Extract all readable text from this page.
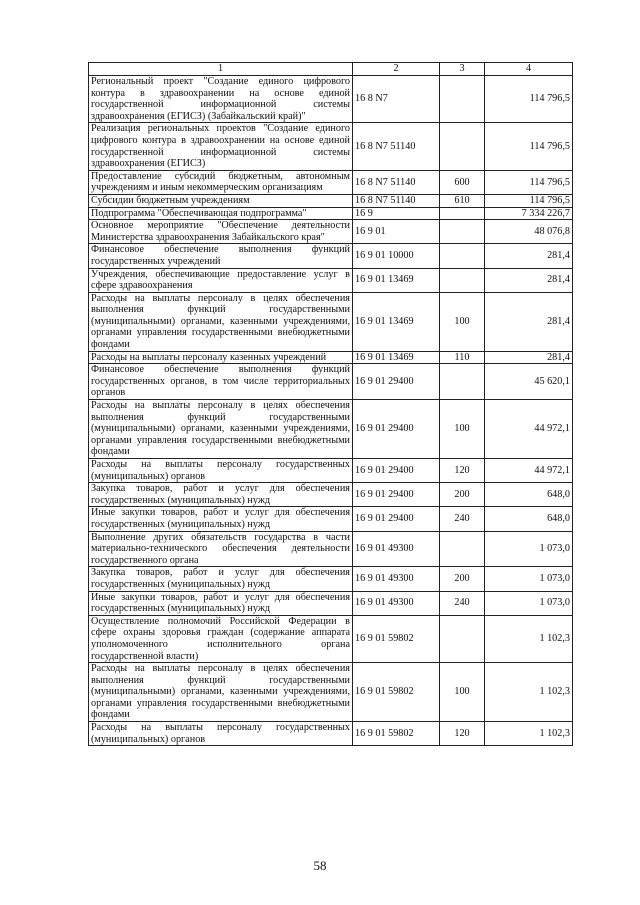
1	2	3	4
Региональный проект "Создание единого цифрового контура в здравоохранении на основе единой государственной информационной системы здравоохранения (ЕГИСЗ) (Забайкальский край)"	16 8 N7		114 796,5
Реализация региональных проектов "Создание единого цифрового контура в здравоохранении на основе единой государственной информационной системы здравоохранения (ЕГИСЗ)	16 8 N7 51140		114 796,5
Предоставление субсидий бюджетным, автономным учреждениям и иным некоммерческим организациям	16 8 N7 51140	600	114 796,5
Субсидии бюджетным учреждениям	16 8 N7 51140	610	114 796,5
Подпрограмма "Обеспечивающая подпрограмма"	16 9		7 334 226,7
Основное мероприятие "Обеспечение деятельности Министерства здравоохранения Забайкальского края"	16 9 01		48 076,8
Финансовое обеспечение выполнения функций государственных учреждений	16 9 01 10000		281,4
Учреждения, обеспечивающие предоставление услуг в сфере здравоохранения	16 9 01 13469		281,4
Расходы на выплаты персоналу в целях обеспечения выполнения функций государственными (муниципальными) органами, казенными учреждениями, органами управления государственными внебюджетными фондами	16 9 01 13469	100	281,4
Расходы на выплаты персоналу казенных учреждений	16 9 01 13469	110	281,4
Финансовое обеспечение выполнения функций государственных органов, в том числе территориальных органов	16 9 01 29400		45 620,1
Расходы на выплаты персоналу в целях обеспечения выполнения функций государственными (муниципальными) органами, казенными учреждениями, органами управления государственными внебюджетными фондами	16 9 01 29400	100	44 972,1
Расходы на выплаты персоналу государственных (муниципальных) органов	16 9 01 29400	120	44 972,1
Закупка товаров, работ и услуг для обеспечения государственных (муниципальных) нужд	16 9 01 29400	200	648,0
Иные закупки товаров, работ и услуг для обеспечения государственных (муниципальных) нужд	16 9 01 29400	240	648,0
Выполнение других обязательств государства в части материально-технического обеспечения деятельности государственного органа	16 9 01 49300		1 073,0
Закупка товаров, работ и услуг для обеспечения государственных (муниципальных) нужд	16 9 01 49300	200	1 073,0
Иные закупки товаров, работ и услуг для обеспечения государственных (муниципальных) нужд	16 9 01 49300	240	1 073,0
Осуществление полномочий Российской Федерации в сфере охраны здоровья граждан (содержание аппарата уполномоченного исполнительного органа государственной власти)	16 9 01 59802		1 102,3
Расходы на выплаты персоналу в целях обеспечения выполнения функций государственными (муниципальными) органами, казенными учреждениями, органами управления государственными внебюджетными фондами	16 9 01 59802	100	1 102,3
Расходы на выплаты персоналу государственных (муниципальных) органов	16 9 01 59802	120	1 102,3
58
